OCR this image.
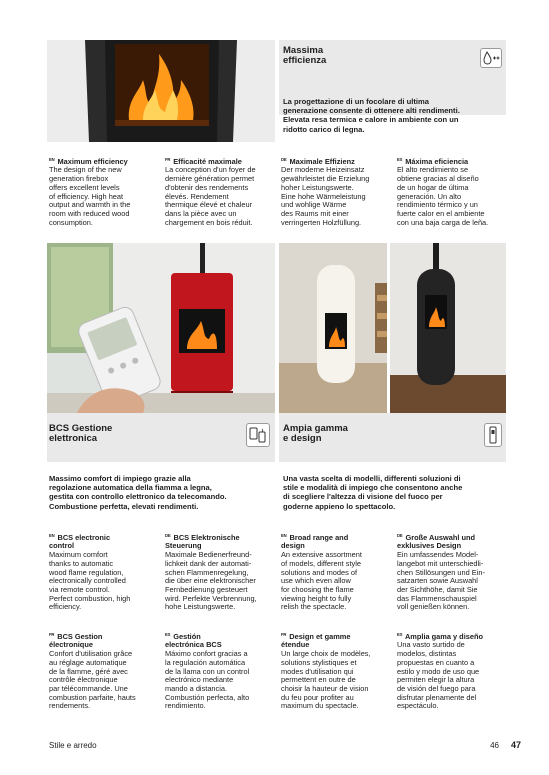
Massima
efficienza
La progettazione di un focolare di ultima
generazione consente di ottenere alti rendimenti.
Elevata resa termica e calore in ambiente con un
ridotto carico di legna.

$^{EN}$ Maximum efficiency
The design of the new
generation firebox
offers excellent levels
of efficiency. High heat
output and warmth in the
room with reduced wood
consumption.

$^{FR}$ Efficacité maximale
La conception d'un foyer de
dernière génération permet
d'obtenir des rendements
élevés. Rendement
thermique élevé et chaleur
dans la pièce avec un
chargement en bois réduit.

$^{DE}$ Maximale Effizienz
Der moderne Heizeinsatz
gewährleistet die Erzielung
hoher Leistungswerte.
Eine hohe Wärmeleistung
und wohlige Wärme
des Raums mit einer
verringerten Holzfüllung.

$^{ES}$ Máxima eficiencia
El alto rendimiento se
obtiene gracias al diseño
de un hogar de última
generación. Un alto
rendimiento térmico y un
fuerte calor en el ambiente
con una baja carga de leña.

BCS Gestione
elettronica
Massimo comfort di impiego grazie alla
regolazione automatica della fiamma a legna,
gestita con controllo elettronico da telecomando.
Combustione perfetta, elevati rendimenti.
Ampia gamma
e design
Una vasta scelta di modelli, differenti soluzioni di
stile e modalità di impiego che consentono anche
di scegliere l'altezza di visione del fuoco per
goderne appieno lo spettacolo.

$^{EN}$ BCS electronic
control
Maximum comfort
thanks to automatic
wood flame regulation,
electronically controlled
via remote control.
Perfect combustion, high
efficiency.

$^{DE}$ BCS Elektronische
Steuerung
Maximale Bedienerfreund-
lichkeit dank der automati-
schen Flammenregelung,
die über eine elektronischer
Fernbedienung gesteuert
wird. Perfekte Verbrennung,
hohe Leistungswerte.

$^{FR}$ BCS Gestion
électronique
Confort d'utilisation grâce
au réglage automatique
de la flamme, géré avec
contrôle électronique
par télécommande. Une
combustion parfaite, hauts
rendements.

$^{ES}$ Gestión
electrónica BCS
Máximo confort gracias a
la regulación automática
de la llama con un control
electrónico mediante
mando a distancia.
Combustión perfecta, alto
rendimiento.

$^{EN}$ Broad range and
design
An extensive assortment
of models, different style
solutions and modes of
use which even allow
for choosing the flame
viewing height to fully
relish the spectacle.

$^{DE}$ Große Auswahl und
exklusives Design
Ein umfassendes Model-
langebot mit unterschiedli-
chen Stillösungen und Ein-
satzarten sowie Auswahl
der Sichthöhe, damit Sie
das Flammenschauspiel
voll genießen können.

$^{FR}$ Design et gamme
étendue
Un large choix de modèles,
solutions stylistiques et
modes d'utilisation qui
permettent en outre de
choisir la hauteur de vision
du feu pour profiter au
maximum du spectacle.

$^{ES}$ Amplia gama y diseño
Una vasto surtido de
modelos, distintas
propuestas en cuanto a
estilo y modo de uso que
permiten elegir la altura
de visión del fuego para
disfrutar plenamente del
espectáculo.

Stile e arredo	46 47
